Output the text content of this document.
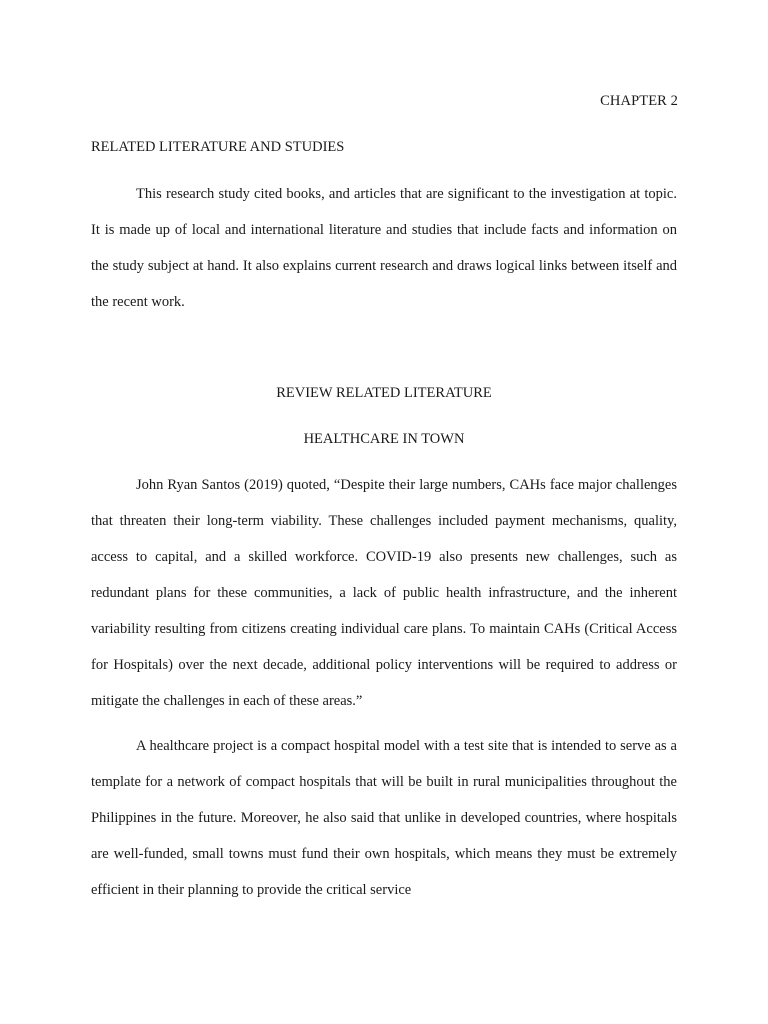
CHAPTER 2
RELATED LITERATURE AND STUDIES

This research study cited books, and articles that are significant to the investigation at topic. It is made up of local and international literature and studies that include facts and information on the study subject at hand. It also explains current research and draws logical links between itself and the recent work.

REVIEW RELATED LITERATURE
HEALTHCARE IN TOWN

John Ryan Santos (2019) quoted, “Despite their large numbers, CAHs face major challenges that threaten their long-term viability. These challenges included payment mechanisms, quality, access to capital, and a skilled workforce. COVID-19 also presents new challenges, such as redundant plans for these communities, a lack of public health infrastructure, and the inherent variability resulting from citizens creating individual care plans. To maintain CAHs (Critical Access for Hospitals) over the next decade, additional policy interventions will be required to address or mitigate the challenges in each of these areas.”

A healthcare project is a compact hospital model with a test site that is intended to serve as a template for a network of compact hospitals that will be built in rural municipalities throughout the Philippines in the future. Moreover, he also said that unlike in developed countries, where hospitals are well-funded, small towns must fund their own hospitals, which means they must be extremely efficient in their planning to provide the critical service
